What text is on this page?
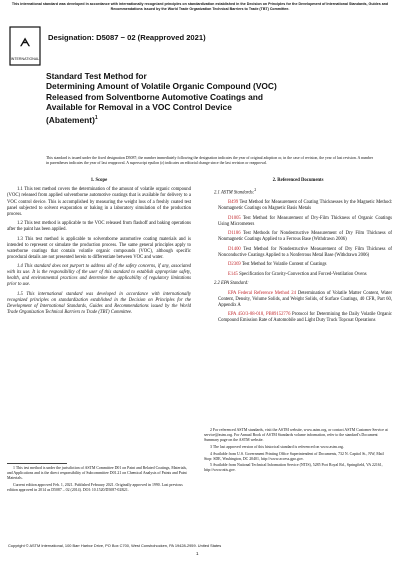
This international standard was developed in accordance with internationally recognized principles on standardization established in the Decision on Principles for the Development of International Standards, Guides and Recommendations issued by the World Trade Organization Technical Barriers to Trade (TBT) Committee.
ᗅ
INTERNATIONAL
Designation: D5087 − 02 (Reapproved 2021)
Standard Test Method for
Determining Amount of Volatile Organic Compound (VOC)
Released from Solventborne Automotive Coatings and
Available for Removal in a VOC Control Device
(Abatement)$^1$
This standard is issued under the fixed designation D5087; the number immediately following the designation indicates the year of original adoption or, in the case of revision, the year of last revision. A number in parentheses indicates the year of last reapproval. A superscript epsilon (ε) indicates an editorial change since the last revision or reapproval.

1. Scope

1.1 This test method covers the determination of the amount of volatile organic compound (VOC) released from applied solventborne automotive coatings that is available for delivery to a VOC control device. This is accomplished by measuring the weight loss of a freshly coated test panel subjected to solvent evaporation or baking in a laboratory simulation of the production process.

1.2 This test method is applicable to the VOC released from flashoff and baking operations after the paint has been applied.

1.3 This test method is applicable to solventborne automotive coating materials and is intended to represent or simulate the production process. The same general principles apply to waterborne coatings that contain volatile organic compounds (VOC), although specific procedural details are not presented herein to differentiate between VOC and water.

1.4 This standard does not purport to address all of the safety concerns, if any, associated with its use. It is the responsibility of the user of this standard to establish appropriate safety, health, and environmental practices and determine the applicability of regulatory limitations prior to use.

1.5 This international standard was developed in accordance with internationally recognized principles on standardization established in the Decision on Principles for the Development of International Standards, Guides and Recommendations issued by the World Trade Organization Technical Barriers to Trade (TBT) Committee.

2. Referenced Documents

2.1 ASTM Standards:$^2$

B499 Test Method for Measurement of Coating Thicknesses by the Magnetic Method: Nonmagnetic Coatings on Magnetic Basis Metals

D1005 Test Method for Measurement of Dry-Film Thickness of Organic Coatings Using Micrometers

D1186 Test Methods for Nondestructive Measurement of Dry Film Thickness of Nonmagnetic Coatings Applied to a Ferrous Base (Withdrawn 2006)

D1400 Test Method for Nondestructive Measurement of Dry Film Thickness of Nonconductive Coatings Applied to a Nonferrous Metal Base (Withdrawn 2006)

D2369 Test Method for Volatile Content of Coatings

E145 Specification for Gravity-Convection and Forced-Ventilation Ovens

2.2 EPA Standard:

EPA Federal Reference Method 24 Determination of Volatile Matter Content, Water Content, Density, Volume Solids, and Weight Solids, of Surface Coatings, 40 CFR, Part 60, Appendix A

EPA 450/3-88-018, PB89152776 Protocol for Determining the Daily Volatile Organic Compound Emission Rate of Automobile and Light Duty Truck Topcoat Operations

1 This test method is under the jurisdiction of ASTM Committee D01 on Paint and Related Coatings, Materials, and Applications and is the direct responsibility of Subcommittee D01.21 on Chemical Analysis of Paints and Paint Materials.

Current edition approved Feb. 1, 2021. Published February 2021. Originally approved in 1990. Last previous edition approved in 2014 as D5087 – 02 (2014). DOI: 10.1520/D5087-02R21.

2 For referenced ASTM standards, visit the ASTM website, www.astm.org, or contact ASTM Customer Service at service@astm.org. For Annual Book of ASTM Standards volume information, refer to the standard's Document Summary page on the ASTM website.

3 The last approved version of this historical standard is referenced on www.astm.org.

4 Available from U.S. Government Printing Office Superintendent of Documents, 732 N. Capitol St., NW, Mail Stop: SDE, Washington, DC 20401, http://www.access.gpo.gov.

5 Available from National Technical Information Service (NTIS), 5285 Port Royal Rd., Springfield, VA 22161, http://www.ntis.gov.

Copyright © ASTM International, 100 Barr Harbor Drive, PO Box C700, West Conshohocken, PA 19428-2959. United States
1
